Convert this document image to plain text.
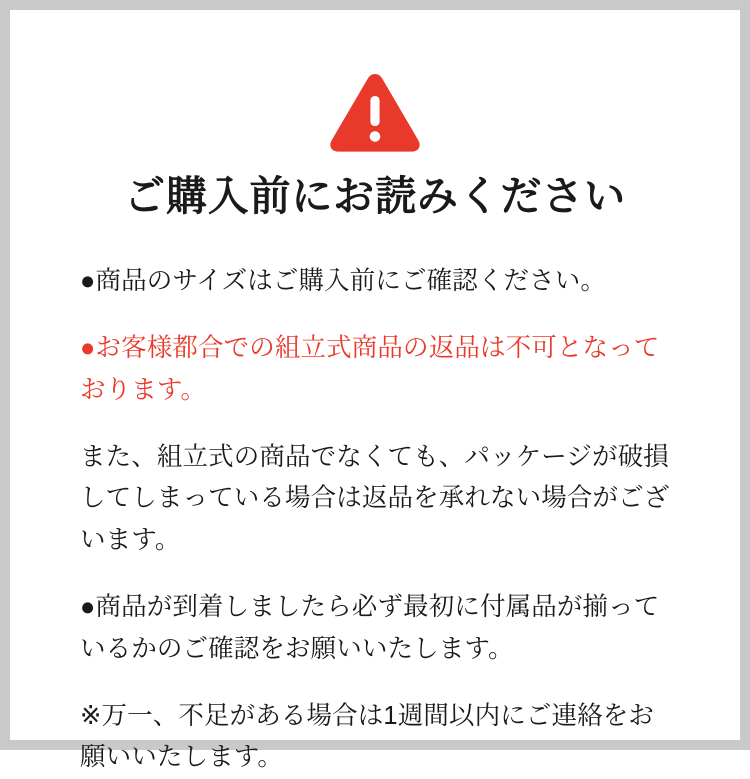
ご購入前にお読みください

●商品のサイズはご購入前にご確認ください。

●お客様都合での組立式商品の返品は不可となっております。

また、組立式の商品でなくても、パッケージが破損してしまっている場合は返品を承れない場合がございます。

●商品が到着しましたら必ず最初に付属品が揃っているかのご確認をお願いいたします。

※万一、不足がある場合は1週間以内にご連絡をお願いいたします。
